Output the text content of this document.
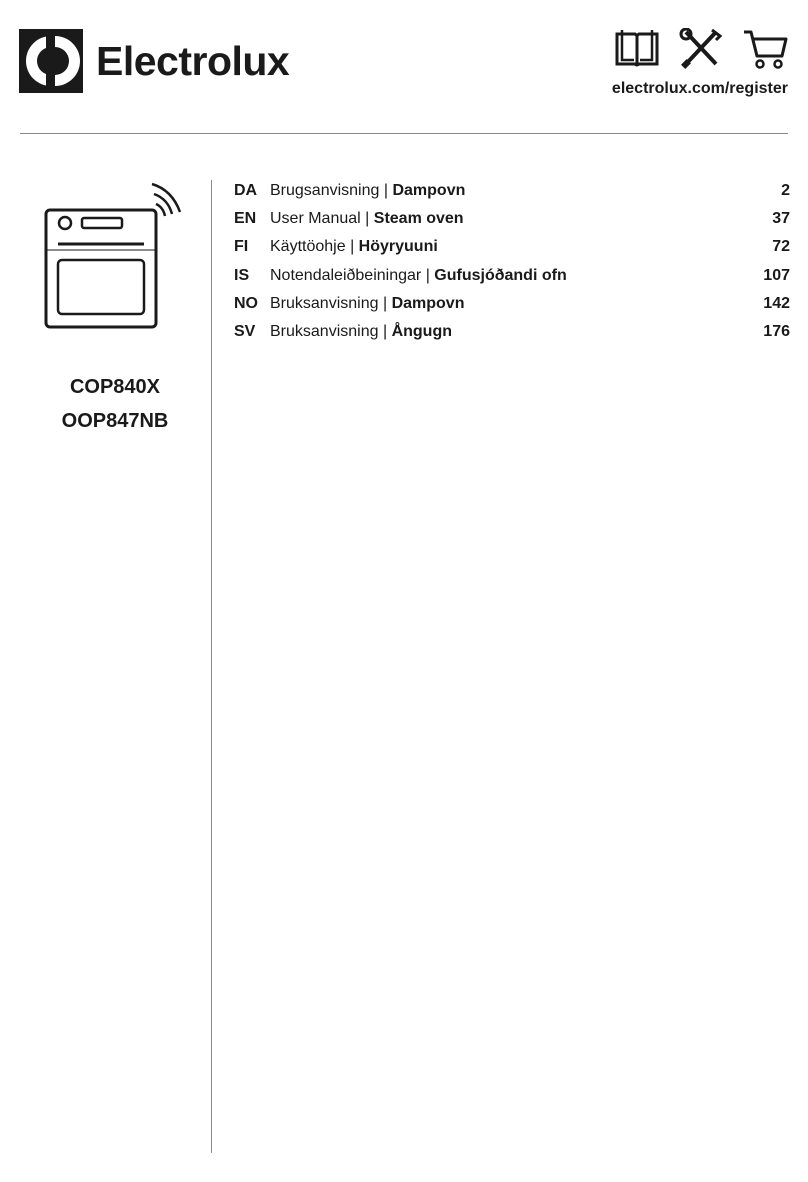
Electrolux
electrolux.com/register
COP840X
OOP847NB
DA Brugsanvisning | Dampovn	2
EN User Manual | Steam oven	37
FI	Käyttöohje | Höyryuuni	72
IS	Notendaleiðbeiningar | Gufusjóðandi ofn	107
NO Bruksanvisning | Dampovn	142
SV Bruksanvisning | Ångugn	176
